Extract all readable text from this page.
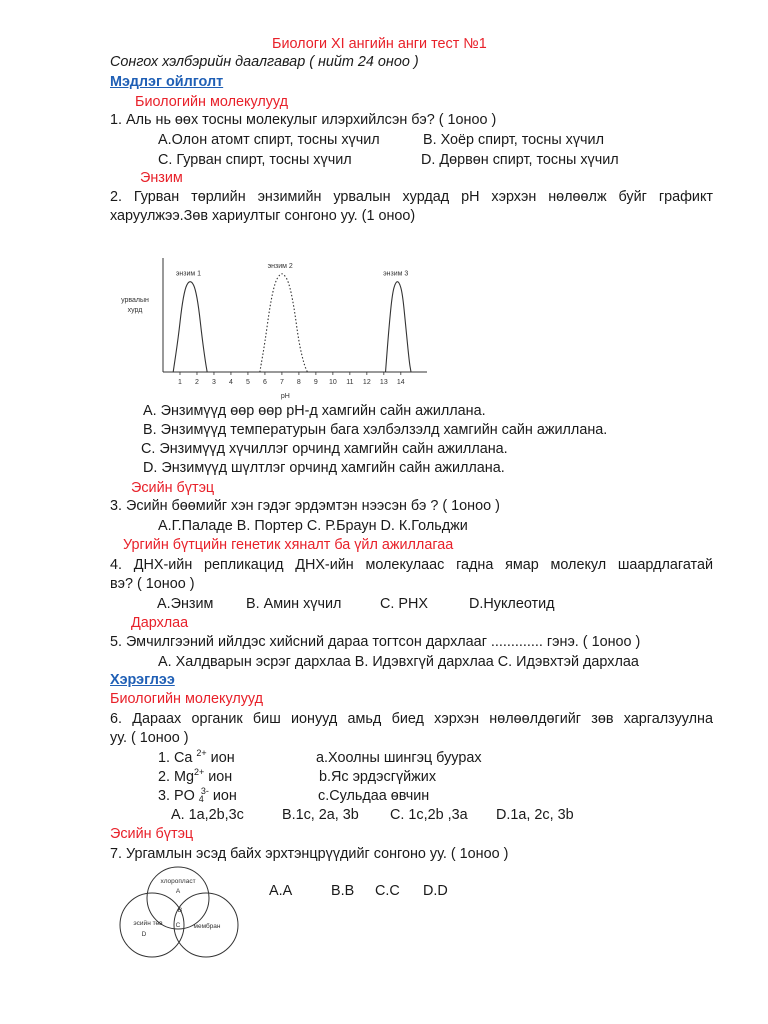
Биологи XI ангийн анги тест №1
Сонгох хэлбэрийн даалгавар ( нийт 24 оноо )
Мэдлэг ойлголт
Биологийн молекулууд
1. Аль нь өөх тосны молекулыг илэрхийлсэн бэ? ( 1оноо )
А.Олон атомт спирт, тосны хүчил	B. Хоёр спирт, тосны хүчил
C. Гурван спирт, тосны хүчил	D. Дөрвөн спирт, тосны хүчил
Энзим
2. Гурван төрлийн энзимийн урвалын хурдад рН хэрхэн нөлөөлж буйг графикт
харуулжээ.Зөв хариултыг сонгоно уу. (1 оноо)
1 2 3 4 5 6 7 8 9 10 11 12 13 14
pH
урвалын
хурд
энзим 1
энзим 2
энзим 3
A. Энзимүүд өөр өөр рН-д хамгийн сайн ажиллана.
B. Энзимүүд температурын бага хэлбэлзэлд хамгийн сайн ажиллана.
C. Энзимүүд хүчиллэг орчинд хамгийн сайн ажиллана.
D. Энзимүүд шүлтлэг орчинд хамгийн сайн ажиллана.
Эсийн бүтэц
3. Эсийн бөөмийг хэн гэдэг эрдэмтэн нээсэн бэ ? ( 1оноо )
А.Г.Паладе B. Портер C. Р.Браун D. К.Гольджи
Ургийн бүтцийн генетик хяналт ба үйл ажиллагаа
4. ДНХ-ийн репликацид ДНХ-ийн молекулаас гадна ямар молекул шаардлагатай
вэ? ( 1оноо )
А.Энзим B. Амин хүчил	C. РНХ	D.Нуклеотид
Дархлаа
5. Эмчилгээний ийлдэс хийсний дараа тогтсон дархлааг ............. гэнэ. ( 1оноо )
А. Халдварын эсрэг дархлаа B. Идэвхгүй дархлаа C. Идэвхтэй дархлаа
Хэрэглээ
Биологийн молекулууд
6. Дараах органик биш ионууд амьд биед хэрхэн нөлөөлдөгийг зөв харгалзуулна
уу. ( 1оноо )
1. Ca $^{2+}$ ион	a.Хоолны шингэц буурах
2. $Mg^{2+}$ ион	b.Яс эрдэсгүйжих
3. PO $_4^{3-}$ ион	c.Сульдаа өвчин
A. 1a,2b,3c	B.1c, 2a, 3b C. 1c,2b ,3a D.1a, 2c, 3b
Эсийн бүтэц
7. Ургамлын эсэд байх эрхтэнцрүүдийг сонгоно уу. ( 1оноо )
хлоропласт
A
B
эсийн төв
D
C мембран
A.A	B.B C.C D.D
